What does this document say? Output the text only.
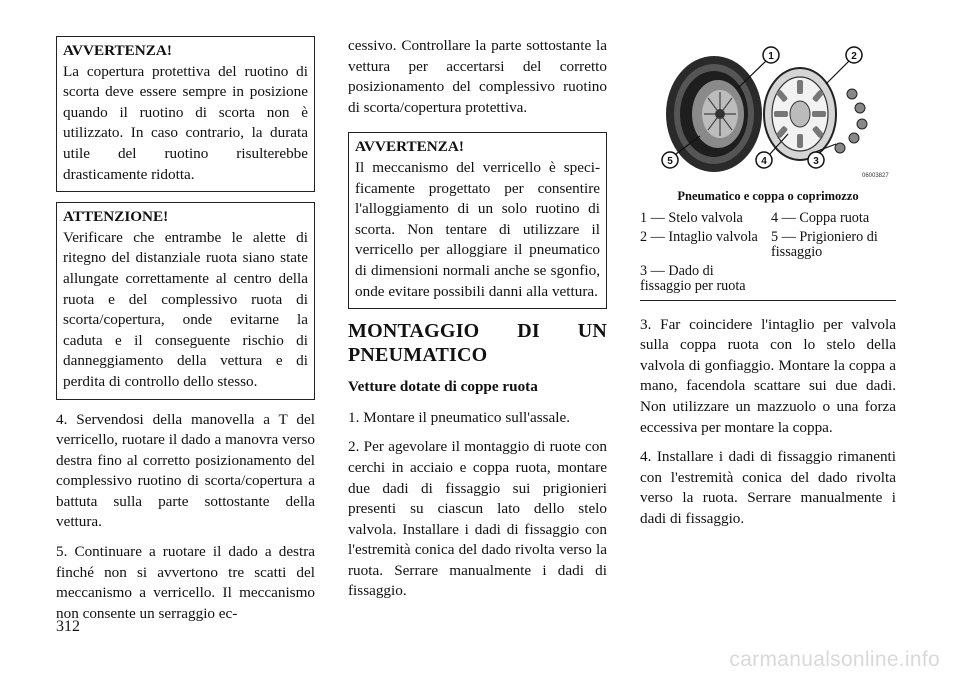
AVVERTENZA!
La copertura protettiva del ruotino di scorta deve essere sempre in posizione quando il ruotino di scorta non è utilizzato. In caso contrario, la durata utile del ruotino risulterebbe drasticamente ridotta.
ATTENZIONE!
Verificare che entrambe le alette di ritegno del distanziale ruota siano state allungate correttamente al centro della ruota e del complessivo ruota di scorta/copertura, onde evitarne la caduta e il conseguente rischio di danneggiamento della vettura e di perdita di controllo dello stesso.

4. Servendosi della manovella a T del verricello, ruotare il dado a manovra verso destra fino al corretto posizionamento del complessivo ruotino di scorta/copertura a battuta sulla parte sottostante della vettura.

5. Continuare a ruotare il dado a destra finché non si avvertono tre scatti del meccanismo a verricello. Il meccanismo non consente un serraggio ec-

cessivo. Controllare la parte sottostante la vettura per accertarsi del corretto posizionamento del complessivo ruotino di scorta/copertura protettiva.

AVVERTENZA!
Il meccanismo del verricello è specificamente progettato per consentire l'alloggiamento di un solo ruotino di scorta. Non tentare di utilizzare il verricello per alloggiare il pneumatico di dimensioni normali anche se sgonfio, onde evitare possibili danni alla vettura.
MONTAGGIO DI UN PNEUMATICO
Vetture dotate di coppe ruota

1. Montare il pneumatico sull'assale.

2. Per agevolare il montaggio di ruote con cerchi in acciaio e coppa ruota, montare due dadi di fissaggio sui prigionieri presenti su ciascun lato dello stelo valvola. Installare i dadi di fissaggio con l'estremità conica del dado rivolta verso la ruota. Serrare manualmente i dadi di fissaggio.

1	2
3
4
5
06003827
Pneumatico e coppa o coprimozzo
1 — Stelo valvola	4 — Coppa ruota
2 — Intaglio valvola 5 — Prigioniero di fissaggio
3 — Dado di fissaggio per ruota

3. Far coincidere l'intaglio per valvola sulla coppa ruota con lo stelo della valvola di gonfiaggio. Montare la coppa a mano, facendola scattare sui due dadi. Non utilizzare un mazzuolo o una forza eccessiva per montare la coppa.

4. Installare i dadi di fissaggio rimanenti con l'estremità conica del dado rivolta verso la ruota. Serrare manualmente i dadi di fissaggio.

312
carmanualsonline.info
